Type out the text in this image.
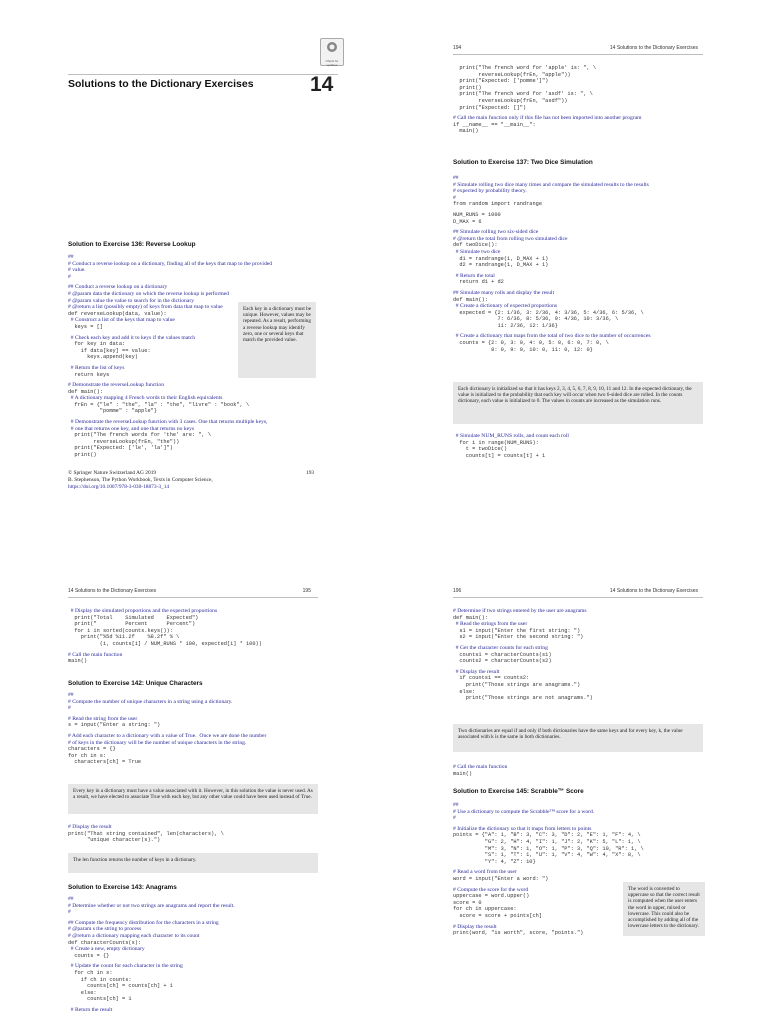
Check for updates
Solutions to the Dictionary Exercises	14
Solution to Exercise 136: Reverse Lookup
##
# Conduct a reverse lookup on a dictionary, finding all of the keys that map to the provided
# value.
#
## Conduct a reverse lookup on a dictionary
# @param data the dictionary on which the reverse lookup is performed
# @param value the value to search for in the dictionary
# @return a list (possibly empty) of keys from data that map to value
def reverseLookup(data, value):
# Construct a list of the keys that map to value
keys = []
# Check each key and add it to keys if the values match
for key in data:
if data[key] == value:
keys.append(key)
# Return the list of keys
return keys
# Demonstrate the reverseLookup function
def main():
# A dictionary mapping 4 French words to their English equivalents
frEn = {"le" : "the", "la" : "the", "livre" : "book", \
"pomme" : "apple"}
# Demonstrate the reverseLookup function with 3 cases. One that returns multiple keys,
# one that returns one key, and one that returns no keys
print("The french words for 'the' are: ", \
reverseLookup(frEn, "the"))
print("Expected: ['le', 'la']")
print()
Each key in a dictionary must be unique. However, values may be repeated. As a result, performing a reverse lookup may identify zero, one or several keys that match the provided value.
© Springer Nature Switzerland AG 2019
B. Stephenson, The Python Workbook, Texts in Computer Science,
https://doi.org/10.1007/978-3-030-18873-3_14
193
194	14 Solutions to the Dictionary Exercises
print("The french word for 'apple' is: ", \
reverseLookup(frEn, "apple"))
print("Expected: ['pomme']")
print()
print("The french word for 'asdf' is: ", \
reverseLookup(frEn, "asdf"))
print("Expected: []")
# Call the main function only if this file has not been imported into another program
if __name__ == "__main__":
main()
Solution to Exercise 137: Two Dice Simulation
##
# Simulate rolling two dice many times and compare the simulated results to the results
# expected by probability theory.
#
from random import randrange
NUM_RUNS = 1000
D_MAX = 6
## Simulate rolling two six-sided dice
# @return the total from rolling two simulated dice
def twoDice():
# Simulate two dice
d1 = randrange(1, D_MAX + 1)
d2 = randrange(1, D_MAX + 1)
# Return the total
return d1 + d2
## Simulate many rolls and display the result
def main():
# Create a dictionary of expected proportions
expected = {2: 1/36, 3: 2/36, 4: 3/36, 5: 4/36, 6: 5/36, \
7: 6/36, 8: 5/36, 9: 4/36, 10: 3/36, \
11: 2/36, 12: 1/36}
# Create a dictionary that maps from the total of two dice to the number of occurrences
counts = {2: 0, 3: 0, 4: 0, 5: 0, 6: 0, 7: 0, \
8: 0, 9: 0, 10: 0, 11: 0, 12: 0}
Each dictionary is initialized so that it has keys 2, 3, 4, 5, 6, 7, 8, 9, 10, 11 and 12. In the expected dictionary, the value is initialized to the probability that each key will occur when two 6-sided dice are rolled. In the counts dictionary, each value is initialized to 0. The values in counts are increased as the simulation runs.
# Simulate NUM_RUNS rolls, and count each roll
for i in range(NUM_RUNS):
t = twoDice()
counts[t] = counts[t] + 1
14 Solutions to the Dictionary Exercises	195
# Display the simulated proportions and the expected proportions
print("Total    Simulated    Expected")
print("         Percent      Percent")
for i in sorted(counts.keys()):
print("%5d %11.2f    %8.2f" % \
(i, counts[i] / NUM_RUNS * 100, expected[i] * 100))
# Call the main function
main()
Solution to Exercise 142: Unique Characters
##
# Compute the number of unique characters in a string using a dictionary.
#
# Read the string from the user
s = input("Enter a string: ")
# Add each character to a dictionary with a value of True.  Once we are done the number
# of keys in the dictionary will be the number of unique characters in the string.
characters = {}
for ch in s:
characters[ch] = True
Every key in a dictionary must have a value associated with it. However, in this solution the value is never used. As a result, we have elected to associate True with each key, but any other value could have been used instead of True.
# Display the result
print("That string contained", len(characters), \
"unique character(s).")
The len function returns the number of keys in a dictionary.
Solution to Exercise 143: Anagrams
##
# Determine whether or not two strings are anagrams and report the result.
#
## Compute the frequency distribution for the characters in a string
# @param s the string to process
# @return a dictionary mapping each character to its count
def characterCounts(s):
# Create a new, empty dictionary
counts = {}
# Update the count for each character in the string
for ch in s:
if ch in counts:
counts[ch] = counts[ch] + 1
else:
counts[ch] = 1
# Return the result
196	14 Solutions to the Dictionary Exercises
# Determine if two strings entered by the user are anagrams
def main():
# Read the strings from the user
s1 = input("Enter the first string: ")
s2 = input("Enter the second string: ")
# Get the character counts for each string
counts1 = characterCounts(s1)
counts2 = characterCounts(s2)
# Display the result
if counts1 == counts2:
print("Those strings are anagrams.")
else:
print("Those strings are not anagrams.")
Two dictionaries are equal if and only if both dictionaries have the same keys and for every key, k, the value associated with k is the same in both dictionaries.
# Call the main function
main()
Solution to Exercise 145: Scrabble™ Score
##
# Use a dictionary to compute the Scrabble™ score for a word.
#
# Initialize the dictionary so that it maps from letters to points
points = {"A": 1, "B": 3, "C": 3, "D": 2, "E": 1, "F": 4, \
"G": 2, "H": 4, "I": 1, "J": 2, "K": 5, "L": 1, \
"M": 3, "N": 1, "O": 1, "P": 3, "Q": 10, "R": 1, \
"S": 1, "T": 1, "U": 1, "V": 4, "W": 4, "X": 8, \
"Y": 4, "Z": 10}
# Read a word from the user
word = input("Enter a word: ")
# Compute the score for the word
uppercase = word.upper()
score = 0
for ch in uppercase:
score = score + points[ch]
# Display the result
print(word, "is worth", score, "points.")
The word is converted to uppercase so that the correct result is computed when the user enters the word in upper, mixed or lowercase. This could also be accomplished by adding all of the lowercase letters to the dictionary.
